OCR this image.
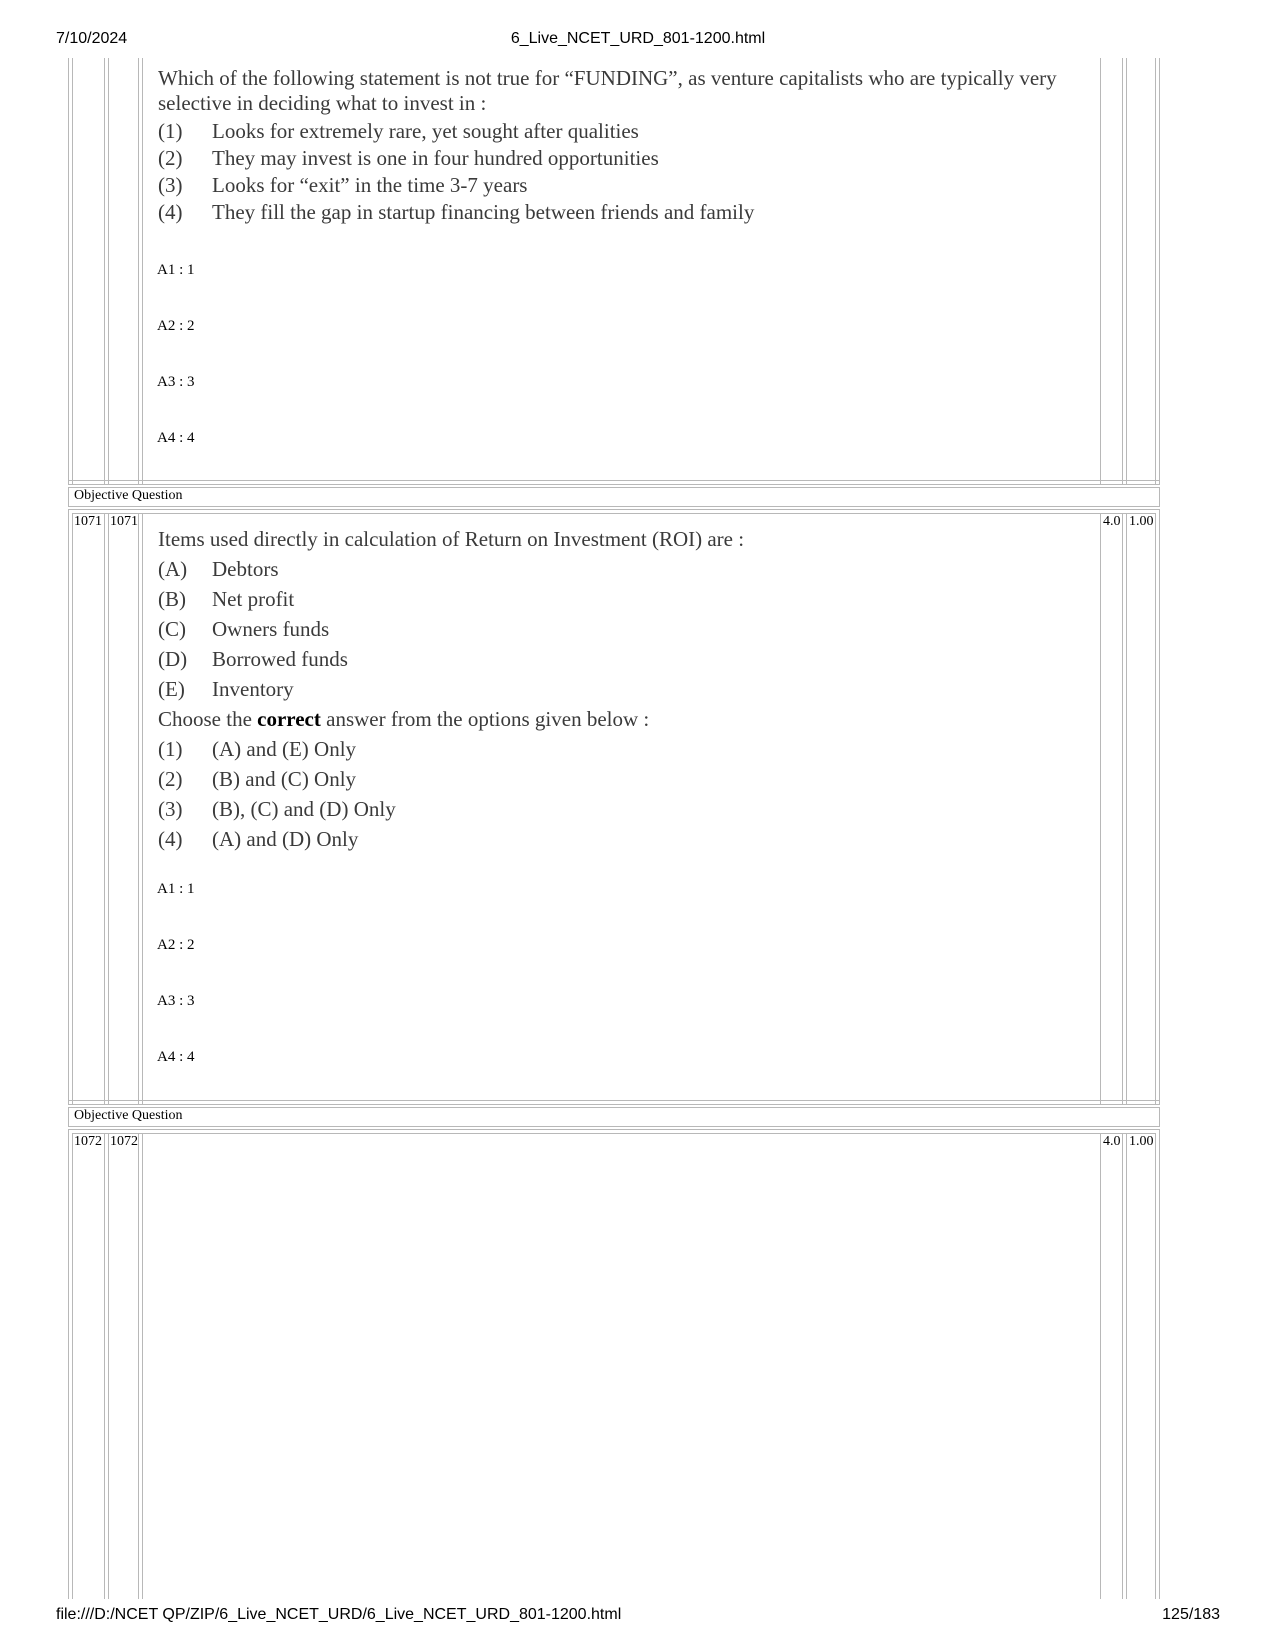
7/10/2024	6_Live_NCET_URD_801-1200.html
Objective Question
Objective Question

Which of the following statement is not true for “FUNDING”, as venture capitalists who are typically very selective in deciding what to invest in :

(1)	Looks for extremely rare, yet sought after qualities
(2)	They may invest is one in four hundred opportunities
(3)	Looks for “exit” in the time 3-7 years
(4)	They fill the gap in startup financing between friends and family
A1 : 1
A2 : 2
A3 : 3
A4 : 4
1071 1071	4.0 1.00

Items used directly in calculation of Return on Investment (ROI) are :

(A)	Debtors
(B)	Net profit
(C)	Owners funds
(D)	Borrowed funds
(E)	Inventory

Choose the correct answer from the options given below :

(1)	(A) and (E) Only
(2)	(B) and (C) Only
(3)	(B), (C) and (D) Only
(4)	(A) and (D) Only
A1 : 1
A2 : 2
A3 : 3
A4 : 4
1072 1072	4.0 1.00
file:///D:/NCET QP/ZIP/6_Live_NCET_URD/6_Live_NCET_URD_801-1200.html	125/183
